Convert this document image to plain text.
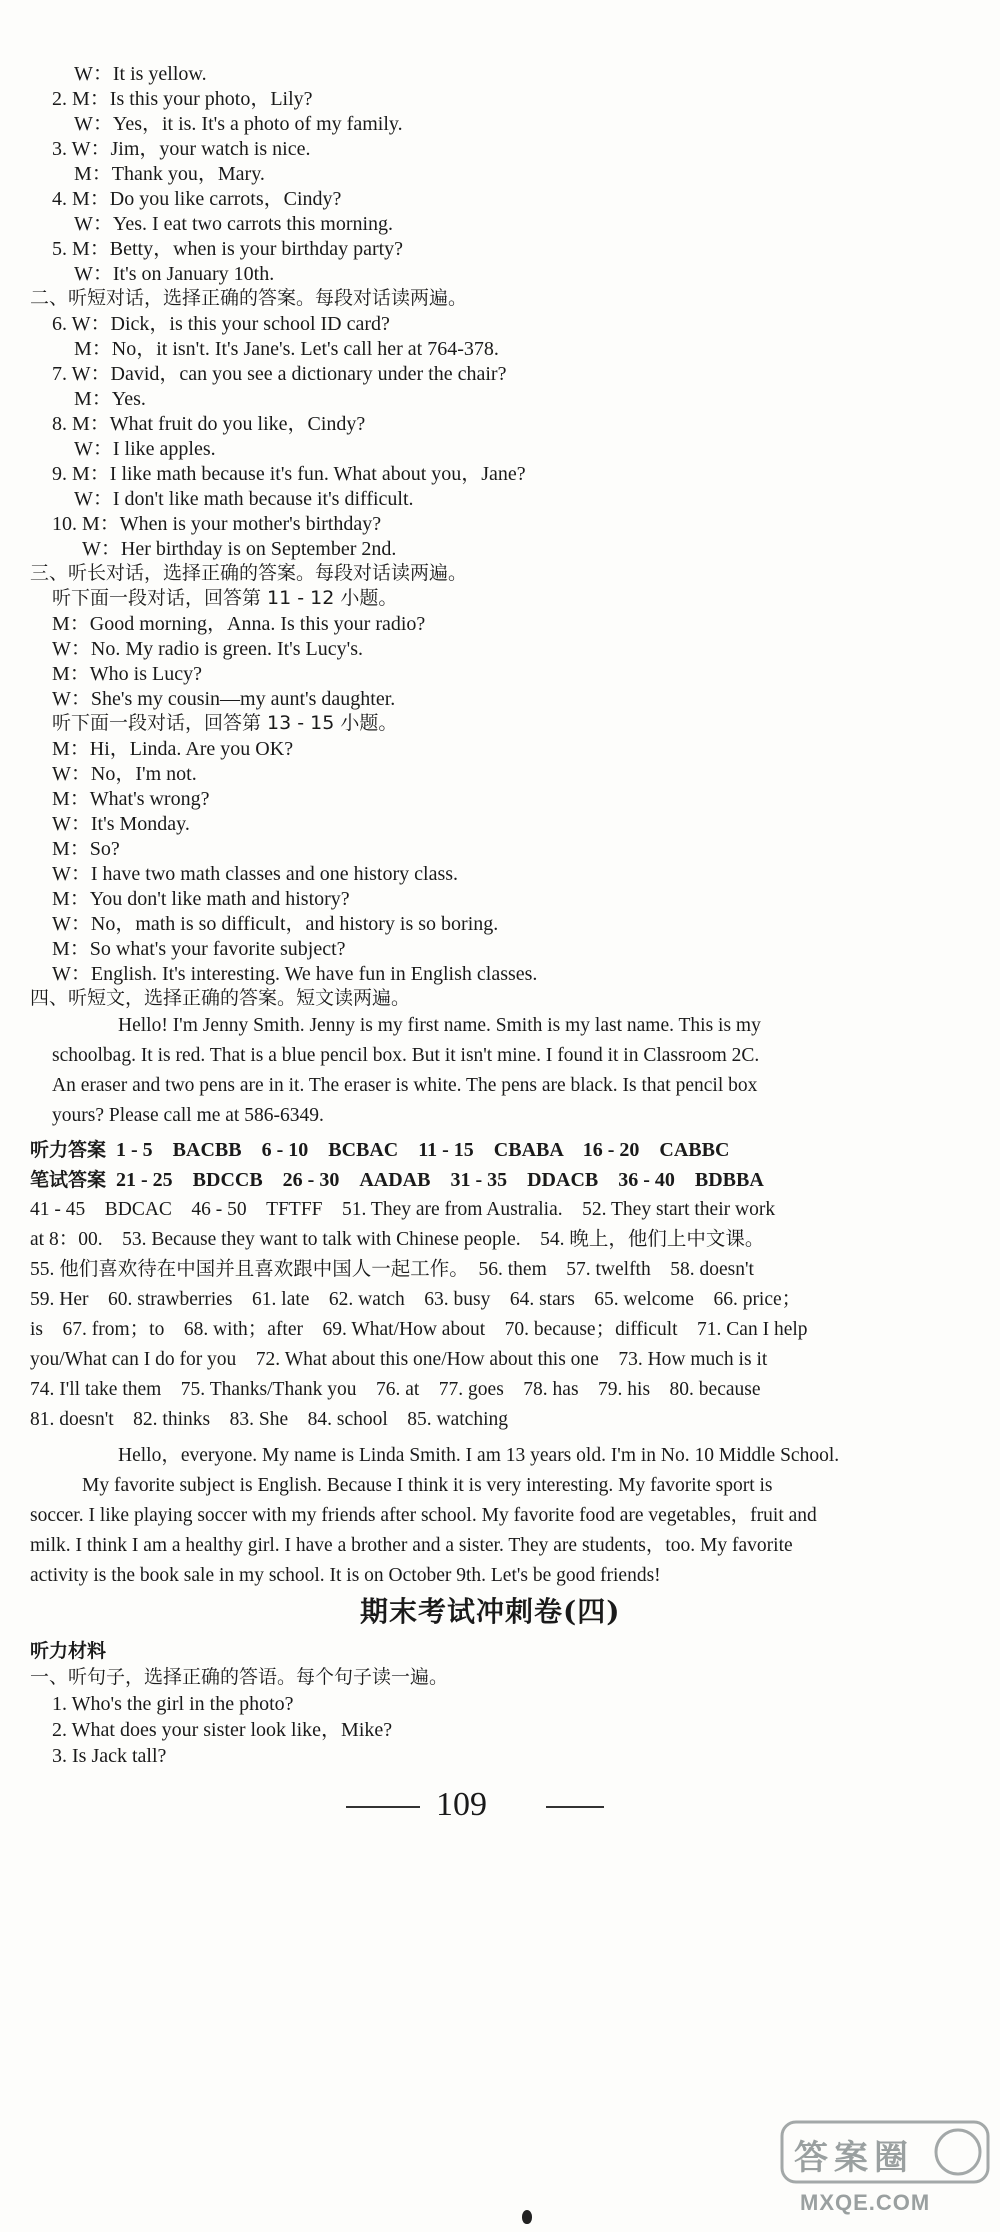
W：It is yellow.
2. M：Is this your photo，Lily?
W：Yes，it is. It's a photo of my family.
3. W：Jim，your watch is nice.
M：Thank you，Mary.
4. M：Do you like carrots，Cindy?
W：Yes. I eat two carrots this morning.
5. M：Betty，when is your birthday party?
W：It's on January 10th.
二、听短对话，选择正确的答案。每段对话读两遍。
6. W：Dick，is this your school ID card?
M：No，it isn't. It's Jane's. Let's call her at 764-378.
7. W：David，can you see a dictionary under the chair?
M：Yes.
8. M：What fruit do you like，Cindy?
W：I like apples.
9. M：I like math because it's fun. What about you，Jane?
W：I don't like math because it's difficult.
10. M：When is your mother's birthday?
W：Her birthday is on September 2nd.
三、听长对话，选择正确的答案。每段对话读两遍。
听下面一段对话，回答第 11 - 12 小题。
M：Good morning，Anna. Is this your radio?
W：No. My radio is green. It's Lucy's.
M：Who is Lucy?
W：She's my cousin—my aunt's daughter.
听下面一段对话，回答第 13 - 15 小题。
M：Hi，Linda. Are you OK?
W：No，I'm not.
M：What's wrong?
W：It's Monday.
M：So?
W：I have two math classes and one history class.
M：You don't like math and history?
W：No，math is so difficult，and history is so boring.
M：So what's your favorite subject?
W：English. It's interesting. We have fun in English classes.
四、听短文，选择正确的答案。短文读两遍。
Hello! I'm Jenny Smith. Jenny is my first name. Smith is my last name. This is my
schoolbag. It is red. That is a blue pencil box. But it isn't mine. I found it in Classroom 2C.
An eraser and two pens are in it. The eraser is white. The pens are black. Is that pencil box
yours? Please call me at 586-6349.
听力答案 1 - 5　BACBB　6 - 10　BCBAC　11 - 15　CBABA　16 - 20　CABBC
笔试答案 21 - 25　BDCCB　26 - 30　AADAB　31 - 35　DDACB　36 - 40　BDBBA
41 - 45　BDCAC　46 - 50　TFTFF　51. They are from Australia.　52. They start their work
at 8：00.　53. Because they want to talk with Chinese people.　54. 晚上，他们上中文课。
55. 他们喜欢待在中国并且喜欢跟中国人一起工作。　56. them　57. twelfth　58. doesn't
59. Her　60. strawberries　61. late　62. watch　63. busy　64. stars　65. welcome　66. price；
is　67. from；to　68. with；after　69. What/How about　70. because；difficult　71. Can I help
you/What can I do for you　72. What about this one/How about this one　73. How much is it
74. I'll take them　75. Thanks/Thank you　76. at　77. goes　78. has　79. his　80. because
81. doesn't　82. thinks　83. She　84. school　85. watching
Hello，everyone. My name is Linda Smith. I am 13 years old. I'm in No. 10 Middle School.
My favorite subject is English. Because I think it is very interesting. My favorite sport is
soccer. I like playing soccer with my friends after school. My favorite food are vegetables，fruit and
milk. I think I am a healthy girl. I have a brother and a sister. They are students，too. My favorite
activity is the book sale in my school. It is on October 9th. Let's be good friends!
期末考试冲刺卷(四)
听力材料
一、听句子，选择正确的答语。每个句子读一遍。
1. Who's the girl in the photo?
2. What does your sister look like，Mike?
3. Is Jack tall?
109
答案圈
MXQE.COM
